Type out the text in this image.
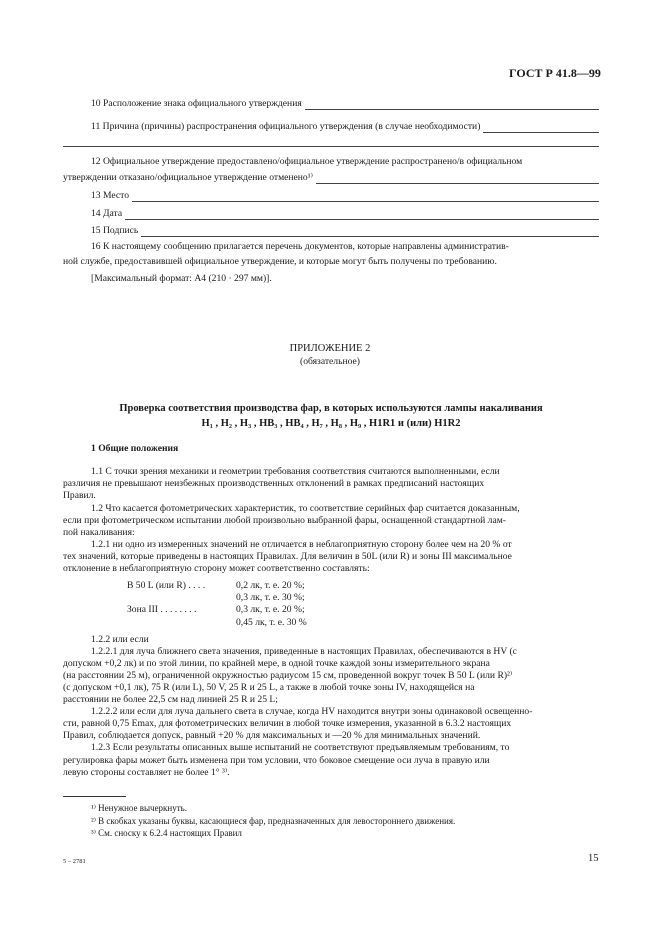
ГОСТ Р 41.8—99
10 Расположение знака официального утверждения
11 Причина (причины) распространения официального утверждения (в случае необходимости)
12 Официальное утверждение предоставлено/официальное утверждение распространено/в официальном
утверждении отказано/официальное утверждение отменено¹⁾
13 Место
14 Дата
15 Подпись
16 К настоящему сообщению прилагается перечень документов, которые направлены административ-
ной службе, предоставившей официальное утверждение, и которые могут быть получены по требованию.
[Максимальный формат: А4 (210 · 297 мм)].
ПРИЛОЖЕНИЕ 2
(обязательное)
Проверка соответствия производства фар, в которых используются лампы накаливания
H₁ , H₂ , H₃ , HB₃ , HB₄ , H₇ , H₈ , H₉ , H1R1 и (или) H1R2
1 Общие положения
1.1 С точки зрения механики и геометрии требования соответствия считаются выполненными, если
различия не превышают неизбежных производственных отклонений в рамках предписаний настоящих
Правил.
1.2 Что касается фотометрических характеристик, то соответствие серийных фар считается доказанным,
если при фотометрическом испытании любой произвольно выбранной фары, оснащенной стандартной лам-
пой накаливания:
1.2.1 ни одно из измеренных значений не отличается в неблагоприятную сторону более чем на 20 % от
тех значений, которые приведены в настоящих Правилах. Для величин в 50L (или R) и зоны III максимальное
отклонение в неблагоприятную сторону может соответственно составлять:
B 50 L (или R) . . . .	0,2 лк, т. е. 20 %;
0,3 лк, т. е. 30 %;
Зона III . . . . . . . .	0,3 лк, т. е. 20 %;
0,45 лк, т. е. 30 %
1.2.2 или если
1.2.2.1 для луча ближнего света значения, приведенные в настоящих Правилах, обеспечиваются в HV (с
допуском +0,2 лк) и по этой линии, по крайней мере, в одной точке каждой зоны измерительного экрана
(на расстоянии 25 м), ограниченной окружностью радиусом 15 см, проведенной вокруг точек B 50 L (или R)²⁾
(с допуском +0,1 лк), 75 R (или L), 50 V, 25 R и 25 L, а также в любой точке зоны IV, находящейся на
расстоянии не более 22,5 см над линией 25 R и 25 L;
1.2.2.2 или если для луча дальнего света в случае, когда HV находится внутри зоны одинаковой освещенно-
сти, равной 0,75 Emax, для фотометрических величин в любой точке измерения, указанной в 6.3.2 настоящих
Правил, соблюдается допуск, равный +20 % для максимальных и —20 % для минимальных значений.
1.2.3 Если результаты описанных выше испытаний не соответствуют предъявляемым требованиям, то
регулировка фары может быть изменена при том условии, что боковое смещение оси луча в правую или
левую стороны составляет не более 1° ³⁾.
¹⁾ Ненужное вычеркнуть.
²⁾ В скобках указаны буквы, касающиеся фар, предназначенных для левостороннего движения.
³⁾ См. сноску к 6.2.4 настоящих Правил
5 – 2781	15
